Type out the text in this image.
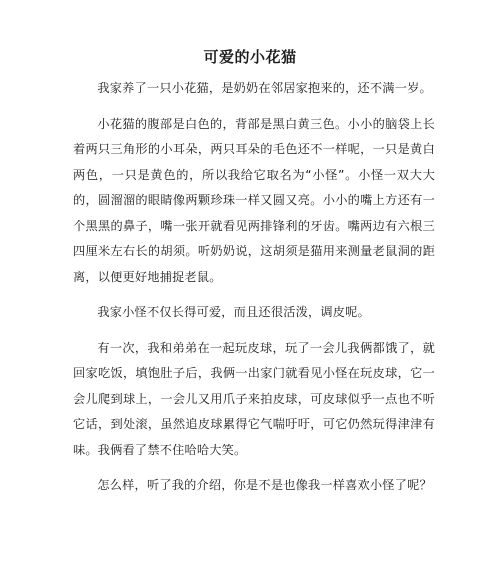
可爱的小花猫

我家养了一只小花猫，是奶奶在邻居家抱来的，还不满一岁。

小花猫的腹部是白色的，背部是黑白黄三色。小小的脑袋上长着两只三角形的小耳朵，两只耳朵的毛色还不一样呢，一只是黄白两色，一只是黄色的，所以我给它取名为“小怪”。小怪一双大大的，圆溜溜的眼睛像两颗珍珠一样又圆又亮。小小的嘴上方还有一个黑黑的鼻子，嘴一张开就看见两排锋利的牙齿。嘴两边有六根三四厘米左右长的胡须。听奶奶说，这胡须是猫用来测量老鼠洞的距离，以便更好地捕捉老鼠。

我家小怪不仅长得可爱，而且还很活泼，调皮呢。

有一次，我和弟弟在一起玩皮球，玩了一会儿我俩都饿了，就回家吃饭，填饱肚子后，我俩一出家门就看见小怪在玩皮球，它一会儿爬到球上，一会儿又用爪子来拍皮球，可皮球似乎一点也不听它话，到处滚，虽然追皮球累得它气喘吁吁，可它仍然玩得津津有味。我俩看了禁不住哈哈大笑。

怎么样，听了我的介绍，你是不是也像我一样喜欢小怪了呢？
